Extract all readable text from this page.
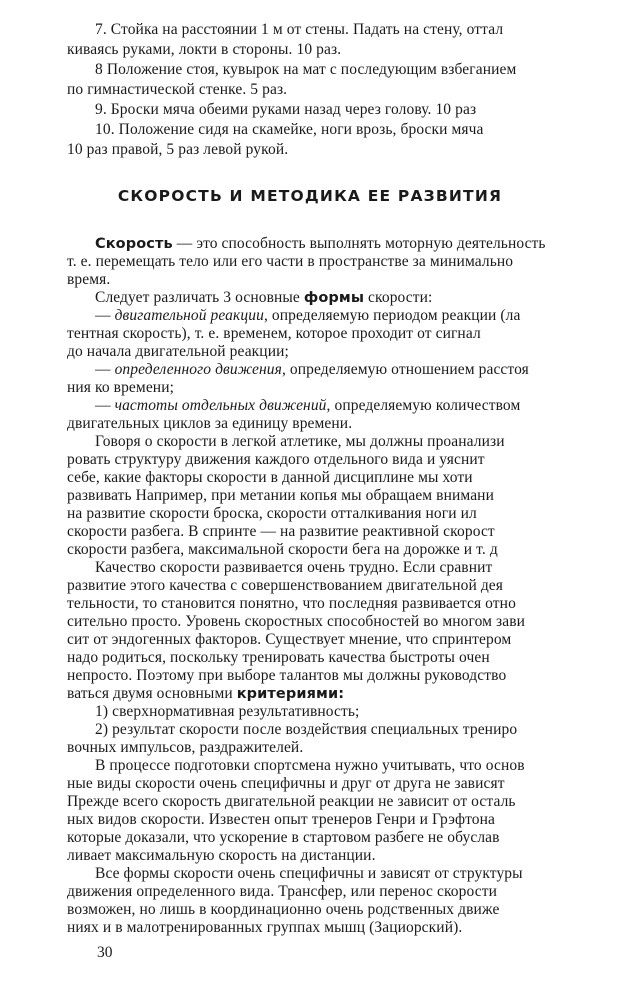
7. Стойка на расстоянии 1 м от стены. Падать на стену, оттал
киваясь руками, локти в стороны. 10 раз.
8 Положение стоя, кувырок на мат с последующим взбеганием
по гимнастической стенке. 5 раз.
9. Броски мяча обеими руками назад через голову. 10 раз
10. Положение сидя на скамейке, ноги врозь, броски мяча
10 раз правой, 5 раз левой рукой.
СКОРОСТЬ И МЕТОДИКА ЕЕ РАЗВИТИЯ
Скорость — это способность выполнять моторную деятельность
т. е. перемещать тело или его части в пространстве за минимально
время.
Следует различать 3 основные формы скорости:
— двигательной реакции, определяемую периодом реакции (ла
тентная скорость), т. е. временем, которое проходит от сигнал
до начала двигательной реакции;
— определенного движения, определяемую отношением расстоя
ния ко времени;
— частоты отдельных движений, определяемую количеством
двигательных циклов за единицу времени.
Говоря о скорости в легкой атлетике, мы должны проанализи
ровать структуру движения каждого отдельного вида и уяснит
себе, какие факторы скорости в данной дисциплине мы хоти
развивать Например, при метании копья мы обращаем внимани
на развитие скорости броска, скорости отталкивания ноги ил
скорости разбега. В спринте — на развитие реактивной скорост
скорости разбега, максимальной скорости бега на дорожке и т. д
Качество скорости развивается очень трудно. Если сравнит
развитие этого качества с совершенствованием двигательной дея
тельности, то становится понятно, что последняя развивается отно
сительно просто. Уровень скоростных способностей во многом зави
сит от эндогенных факторов. Существует мнение, что спринтером
надо родиться, поскольку тренировать качества быстроты очен
непросто. Поэтому при выборе талантов мы должны руководство
ваться двумя основными критериями:
1) сверхнормативная результативность;
2) результат скорости после воздействия специальных трениро
вочных импульсов, раздражителей.
В процессе подготовки спортсмена нужно учитывать, что основ
ные виды скорости очень специфичны и друг от друга не зависят
Прежде всего скорость двигательной реакции не зависит от осталь
ных видов скорости. Известен опыт тренеров Генри и Грэфтона
которые доказали, что ускорение в стартовом разбеге не обуслав
ливает максимальную скорость на дистанции.
Все формы скорости очень специфичны и зависят от структуры
движения определенного вида. Трансфер, или перенос скорости
возможен, но лишь в координационно очень родственных движе
ниях и в малотренированных группах мышц (Зациорский).
30
